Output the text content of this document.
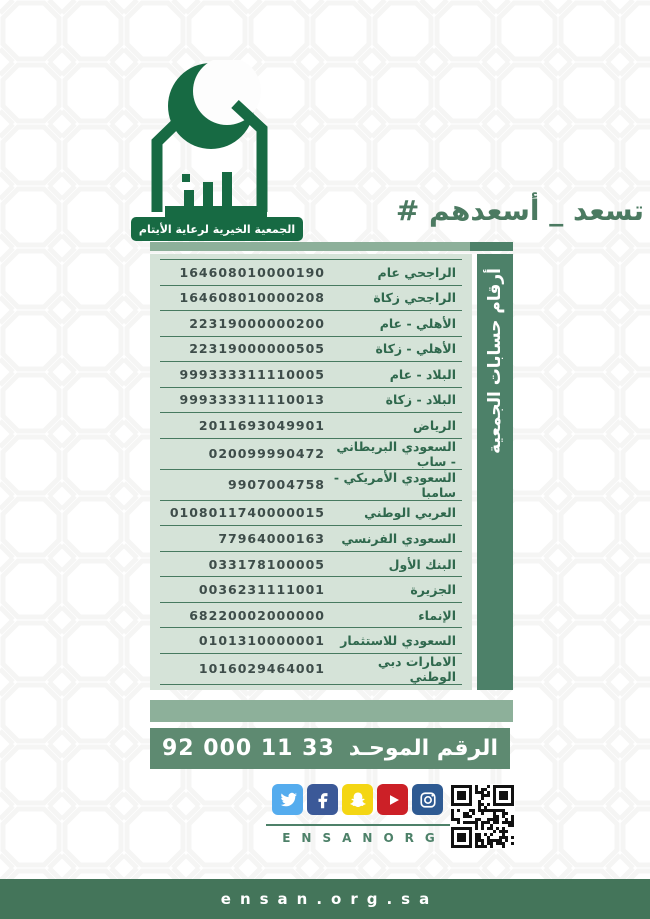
الجمعية الخيرية لرعاية الأيتام
# أسعدهم ‎_‎ تسعد
164608010000190	الراجحي عام
164608010000208	الراجحي زكاة
22319000000200	الأهلي - عام
22319000000505	الأهلي - زكاة
999333311110005	البلاد - عام
999333311110013	البلاد - زكاة
2011693049901	الرياض
020099990472 السعودي البريطاني - ساب
9907004758 السعودي الأمريكي - سامبا
0108011740000015	العربي الوطني
77964000163	السعودي الفرنسي
033178100005	البنك الأول
0036231111001	الجزيرة
68220002000000	الإنماء
0101310000001	السعودي للاستثمار
1016029464001	الامارات دبي الوطني
أرقام حسابات الجمعية
92 000 11 33 الرقم الموحـد
ENSANORG
ensan.org.sa
